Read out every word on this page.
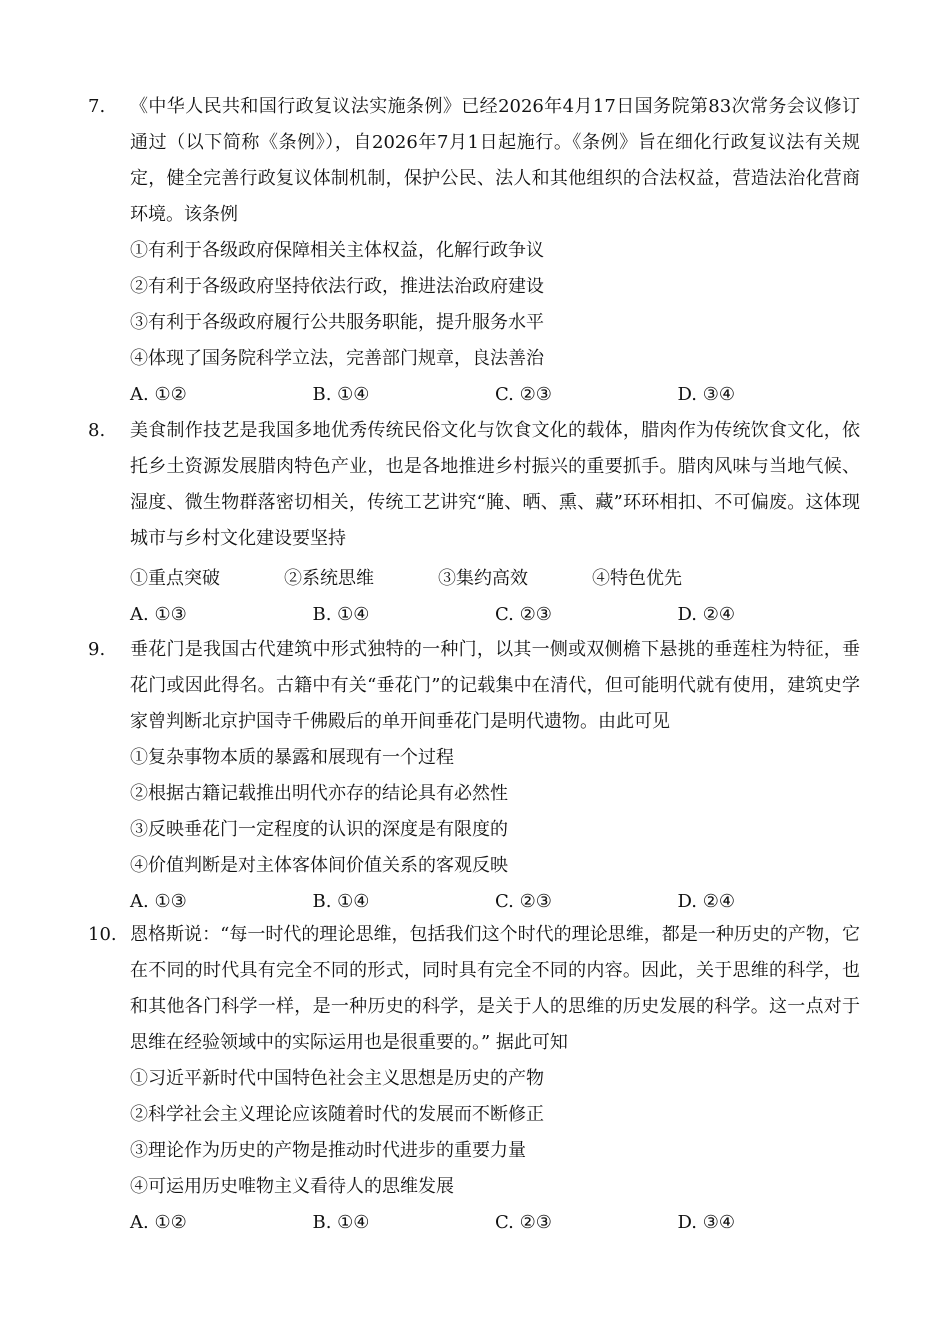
7. 《中华人民共和国行政复议法实施条例》已经2026年4月17日国务院第83次常务会议修订通过（以下简称《条例》），自2026年7月1日起施行。《条例》旨在细化行政复议法有关规定，健全完善行政复议体制机制，保护公民、法人和其他组织的合法权益，营造法治化营商环境。该条例

①有利于各级政府保障相关主体权益，化解行政争议

②有利于各级政府坚持依法行政，推进法治政府建设

③有利于各级政府履行公共服务职能，提升服务水平

④体现了国务院科学立法，完善部门规章，良法善治

A. ①②	B. ①④	C. ②③	D. ③④
8. 美食制作技艺是我国多地优秀传统民俗文化与饮食文化的载体，腊肉作为传统饮食文化，依托乡土资源发展腊肉特色产业，也是各地推进乡村振兴的重要抓手。腊肉风味与当地气候、湿度、微生物群落密切相关，传统工艺讲究“腌、晒、熏、藏”环环相扣、不可偏废。这体现城市与乡村文化建设要坚持

①重点突破	②系统思维	③集约高效	④特色优先
A. ①③	B. ①④	C. ②③	D. ②④
9. 垂花门是我国古代建筑中形式独特的一种门，以其一侧或双侧檐下悬挑的垂莲柱为特征，垂花门或因此得名。古籍中有关“垂花门”的记载集中在清代，但可能明代就有使用，建筑史学家曾判断北京护国寺千佛殿后的单开间垂花门是明代遗物。由此可见

①复杂事物本质的暴露和展现有一个过程

②根据古籍记载推出明代亦存的结论具有必然性

③反映垂花门一定程度的认识的深度是有限度的

④价值判断是对主体客体间价值关系的客观反映

A. ①③	B. ①④	C. ②③	D. ②④
10. 恩格斯说：“每一时代的理论思维，包括我们这个时代的理论思维，都是一种历史的产物，它在不同的时代具有完全不同的形式，同时具有完全不同的内容。因此，关于思维的科学，也和其他各门科学一样，是一种历史的科学，是关于人的思维的历史发展的科学。这一点对于思维在经验领域中的实际运用也是很重要的。” 据此可知

①习近平新时代中国特色社会主义思想是历史的产物

②科学社会主义理论应该随着时代的发展而不断修正

③理论作为历史的产物是推动时代进步的重要力量

④可运用历史唯物主义看待人的思维发展

A. ①②	B. ①④	C. ②③	D. ③④
